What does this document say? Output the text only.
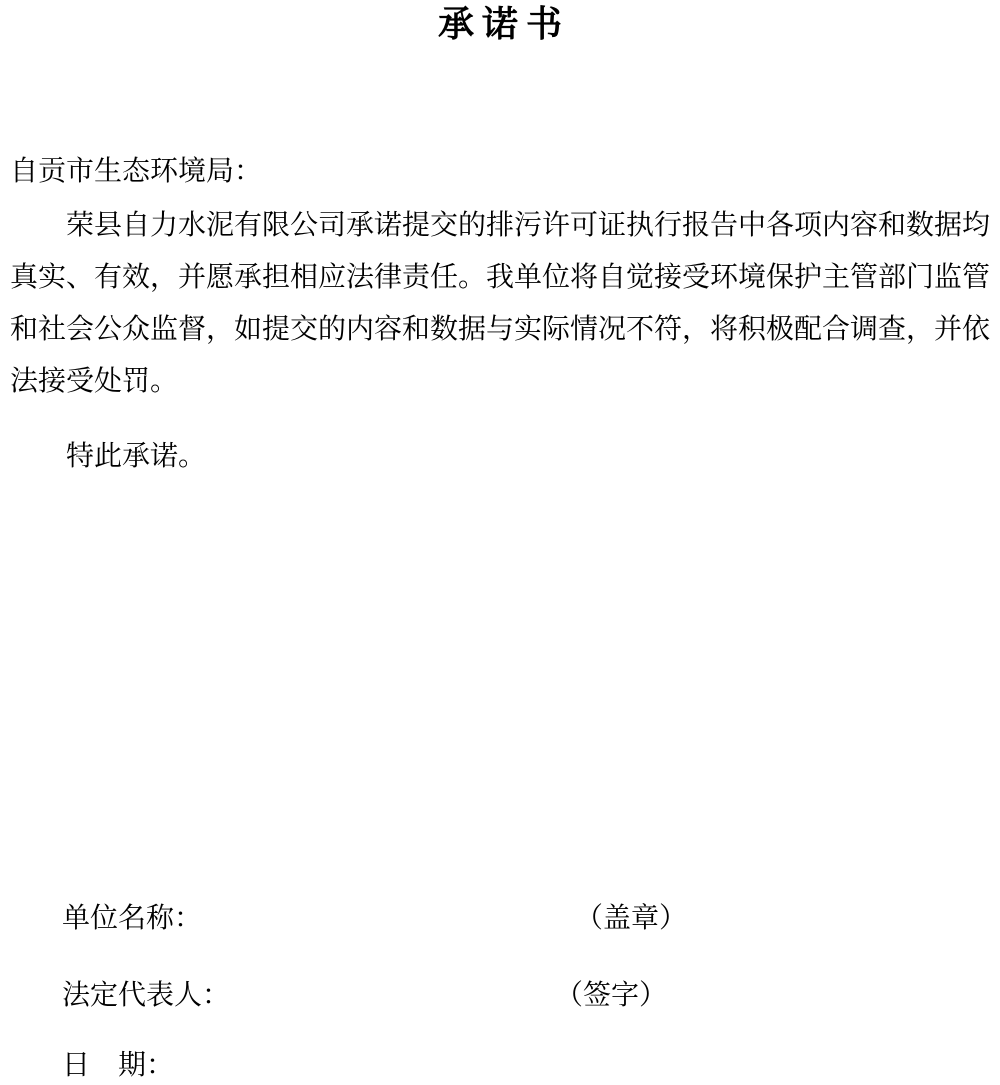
承诺书

自贡市生态环境局：

荣县自力水泥有限公司承诺提交的排污许可证执行报告中各项内容和数据均真实、有效，并愿承担相应法律责任。我单位将自觉接受环境保护主管部门监管和社会公众监督，如提交的内容和数据与实际情况不符，将积极配合调查，并依法接受处罚。

特此承诺。

单位名称：	（盖章）
法定代表人：	（签字）
日　期：
